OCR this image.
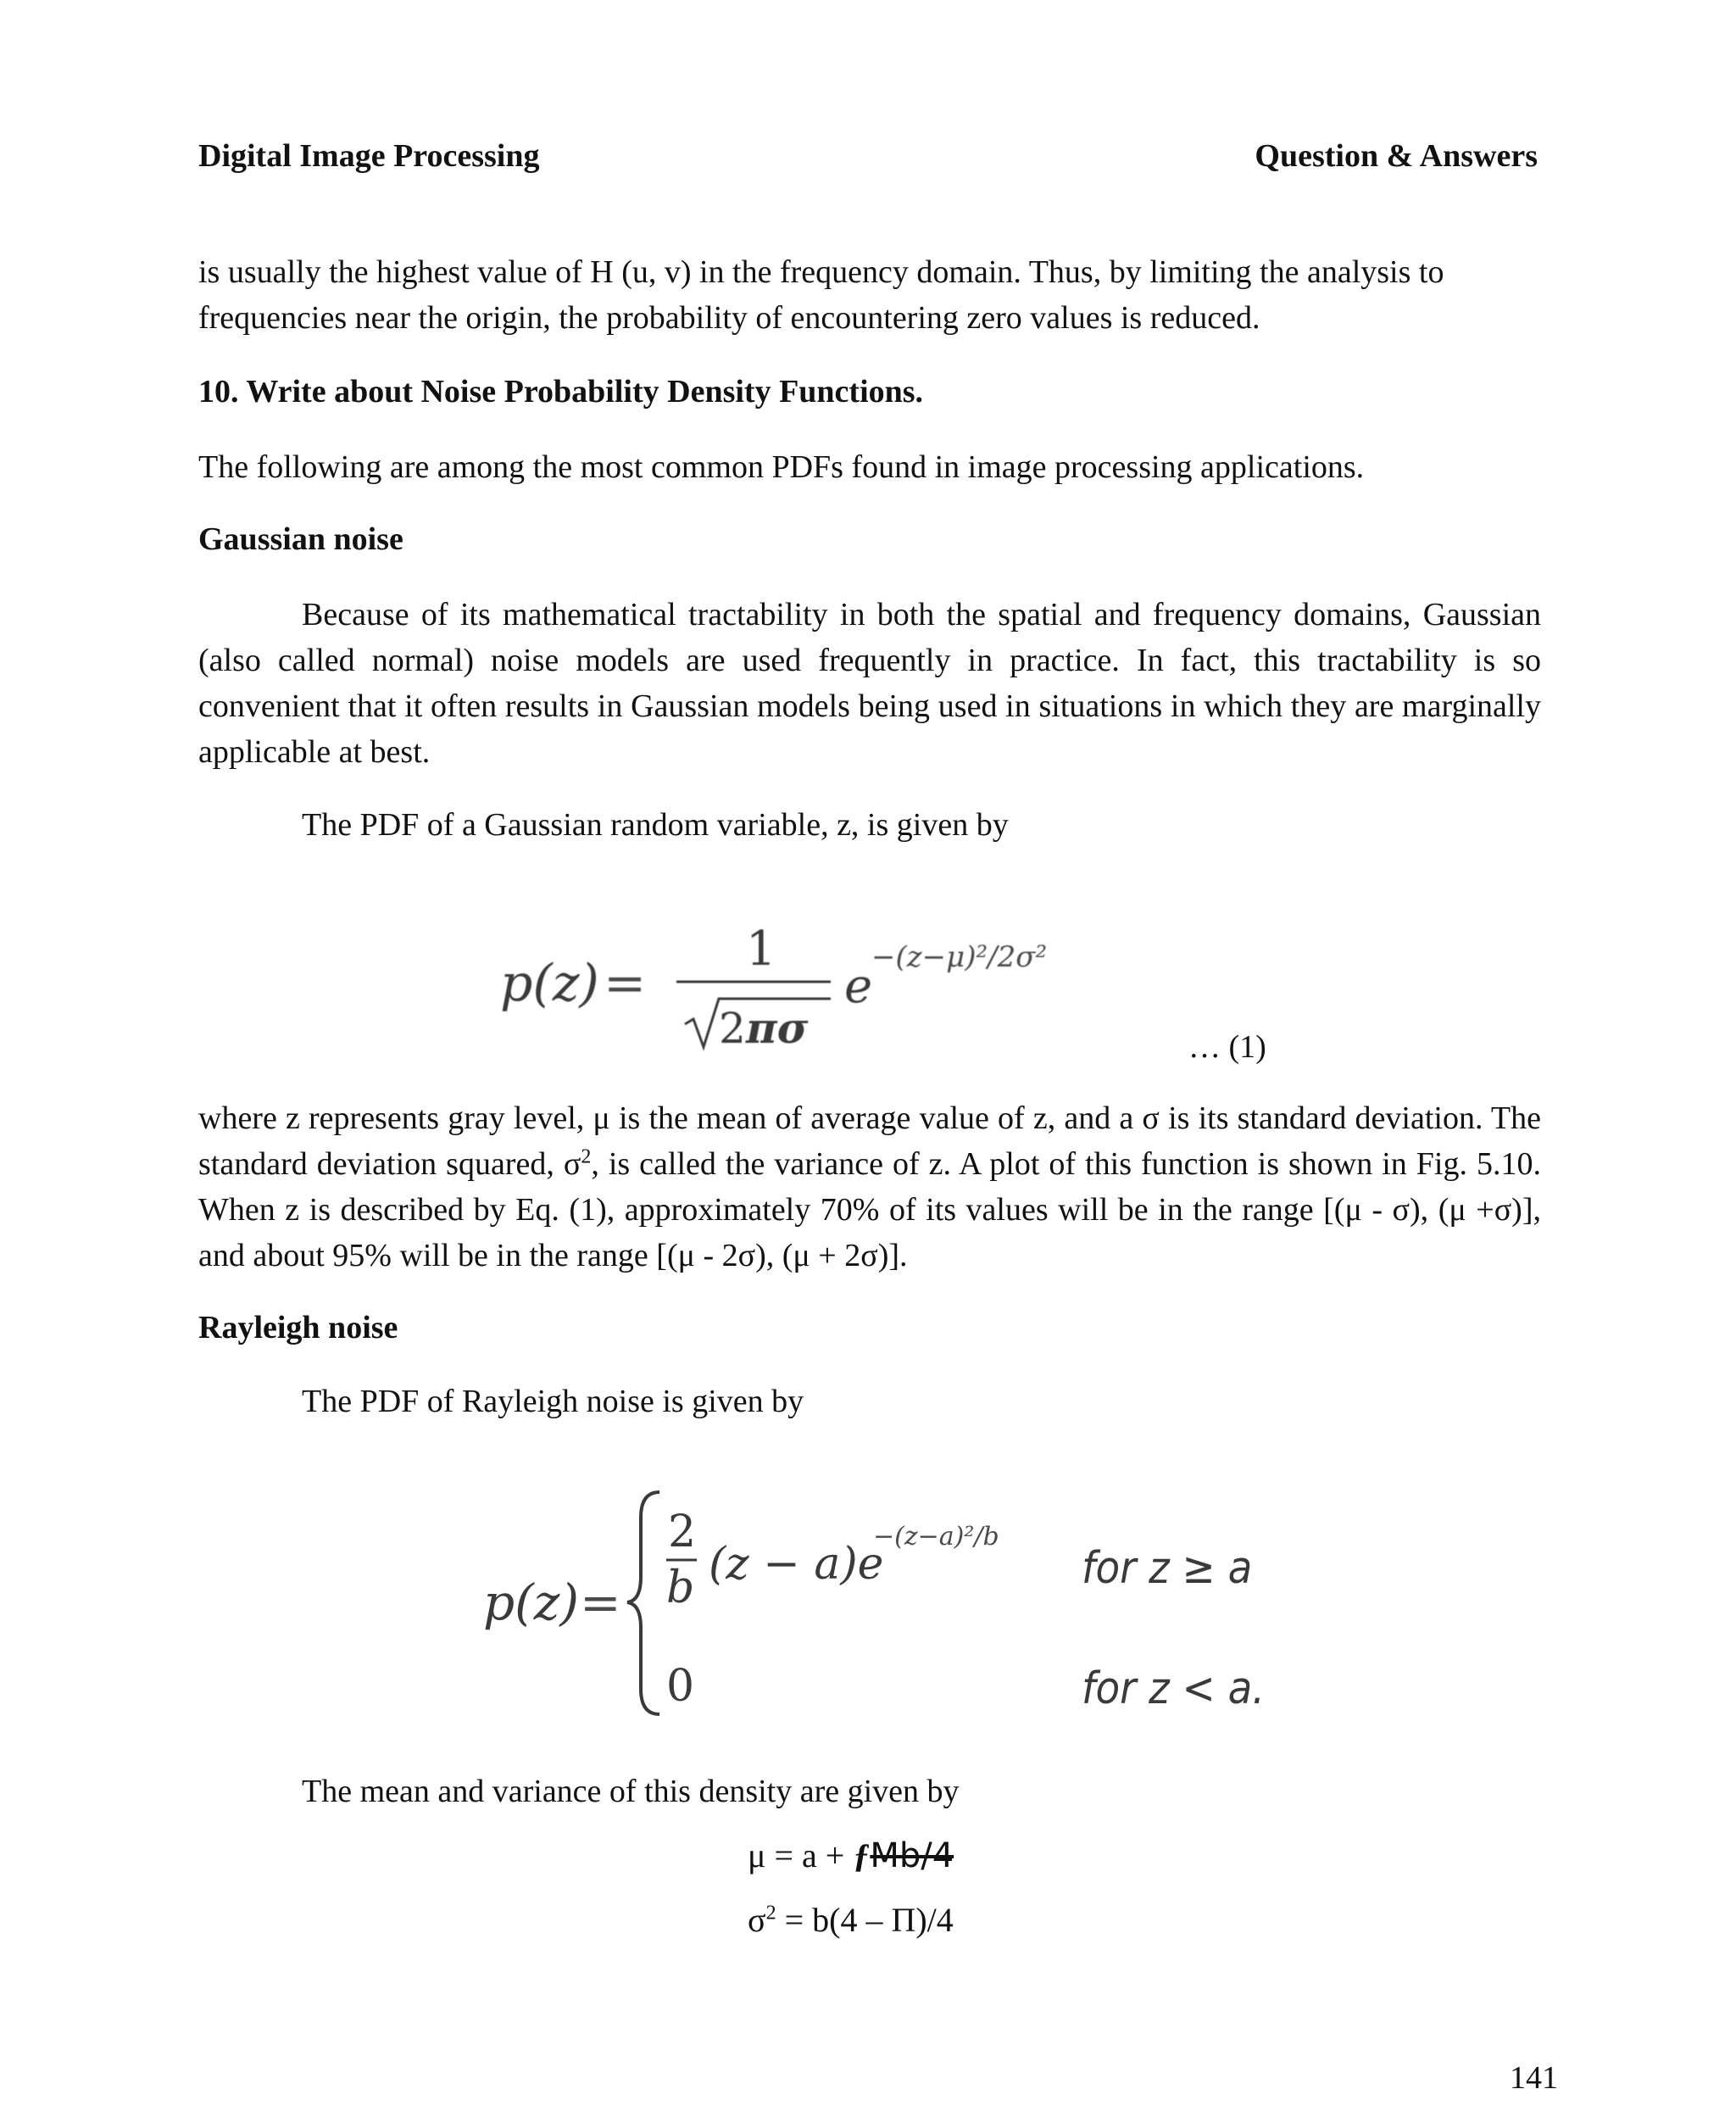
Digital Image Processing	Question & Answers
is usually the highest value of H (u, v) in the frequency domain. Thus, by limiting the analysis to frequencies near the origin, the probability of encountering zero values is reduced.
10. Write about Noise Probability Density Functions.
The following are among the most common PDFs found in image processing applications.
Gaussian noise
Because of its mathematical tractability in both the spatial and frequency domains, Gaussian (also called normal) noise models are used frequently in practice. In fact, this tractability is so convenient that it often results in Gaussian models being used in situations in which they are marginally applicable at best.
The PDF of a Gaussian random variable, z, is given by
p(z) =
1
2 πσ
e
−(z−μ)²/2σ²
… (1)
where z represents gray level, μ is the mean of average value of z, and a σ is its standard deviation. The standard deviation squared, $\sigma^2$, is called the variance of z. A plot of this function is shown in Fig. 5.10. When z is described by Eq. (1), approximately 70% of its values will be in the range [(μ - σ), (μ +σ)], and about 95% will be in the range [(μ - 2σ), (μ + 2σ)].
Rayleigh noise
The PDF of Rayleigh noise is given by
p(z) =
2
b (z − a)e
−(z−a)²/b
0
for z ≥ a
for z < a.
The mean and variance of this density are given by
μ = a + ƒMb/4
$\sigma^2 = b(4 - \Pi)/4$
141
